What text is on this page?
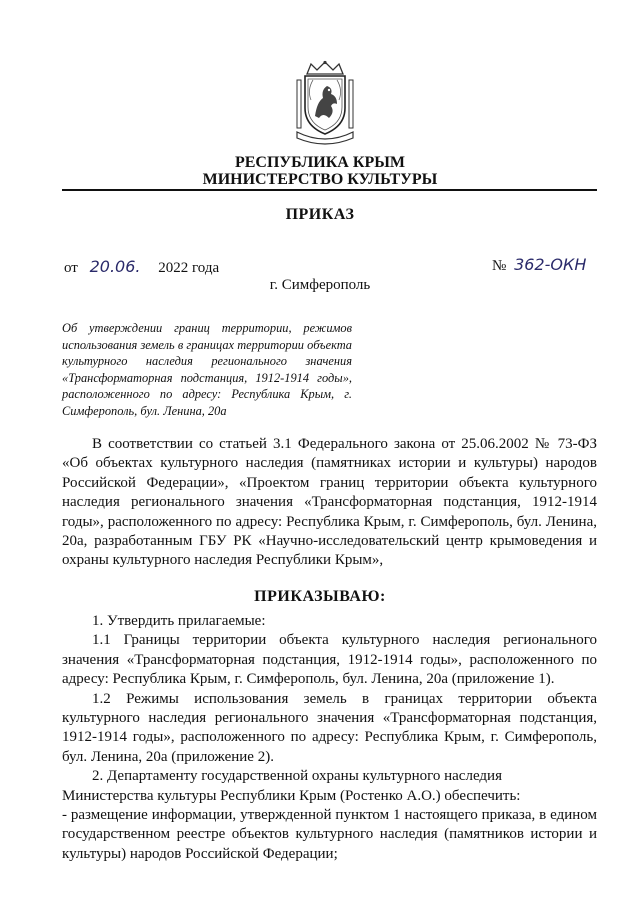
РЕСПУБЛИКА КРЫМ
МИНИСТЕРСТВО КУЛЬТУРЫ
ПРИКАЗ
от 20.06. 2022 года	№ 362-ОКН
г. Симферополь
Об утверждении границ территории, режимов использования земель в границах территории объекта культурного наследия регионального значения «Трансформаторная подстанция, 1912-1914 годы», расположенного по адресу: Республика Крым, г. Симферополь, бул. Ленина, 20а
В соответствии со статьей 3.1 Федерального закона от 25.06.2002 № 73-ФЗ «Об объектах культурного наследия (памятниках истории и культуры) народов Российской Федерации», «Проектом границ территории объекта культурного наследия регионального значения «Трансформаторная подстанция, 1912-1914 годы», расположенного по адресу: Республика Крым, г. Симферополь, бул. Ленина, 20а, разработанным ГБУ РК «Научно-исследовательский центр крымоведения и охраны культурного наследия Республики Крым»,
ПРИКАЗЫВАЮ:
1. Утвердить прилагаемые:
1.1 Границы территории объекта культурного наследия регионального значения «Трансформаторная подстанция, 1912-1914 годы», расположенного по адресу: Республика Крым, г. Симферополь, бул. Ленина, 20а (приложение 1).
1.2 Режимы использования земель в границах территории объекта культурного наследия регионального значения «Трансформаторная подстанция, 1912-1914 годы», расположенного по адресу: Республика Крым, г. Симферополь, бул. Ленина, 20а (приложение 2).
2. Департаменту государственной охраны культурного наследия
Министерства культуры Республики Крым (Ростенко А.О.) обеспечить:
- размещение информации, утвержденной пунктом 1 настоящего приказа, в едином государственном реестре объектов культурного наследия (памятников истории и культуры) народов Российской Федерации;
